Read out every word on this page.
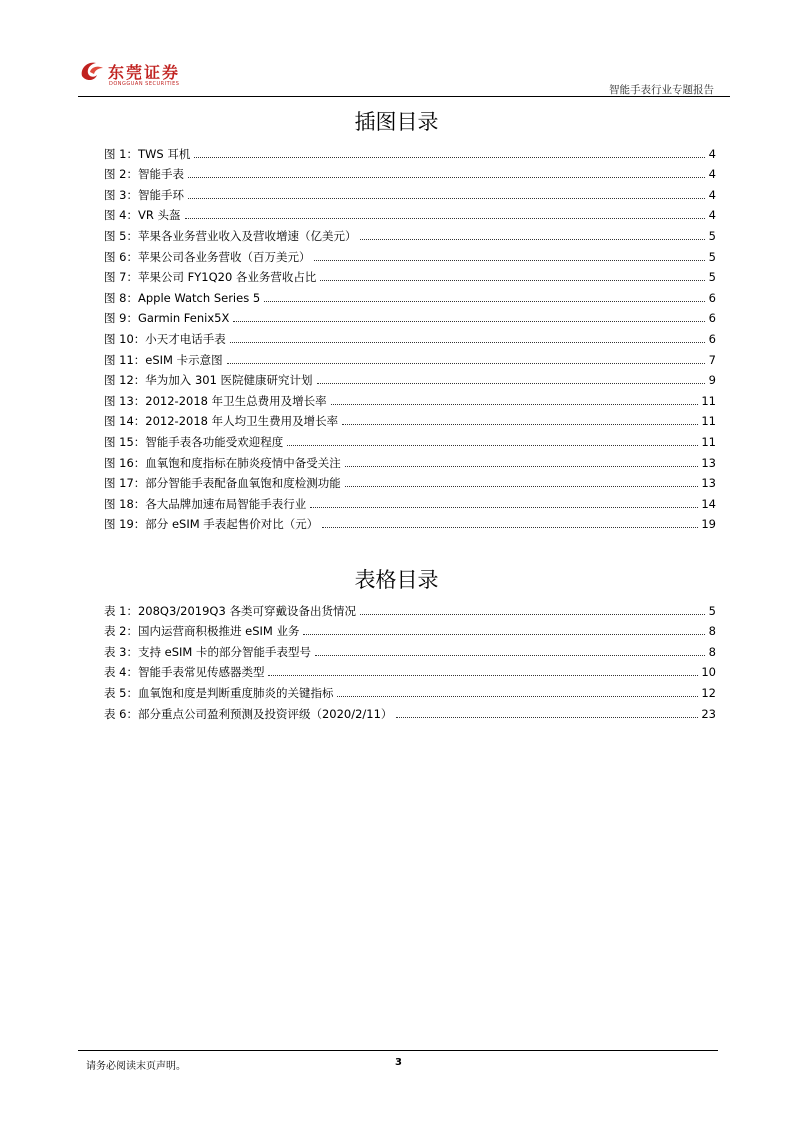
东莞证券
DONGGUAN SECURITIES	智能手表行业专题报告
插图目录
图 1：TWS 耳机	4
图 2：智能手表	4
图 3：智能手环	4
图 4：VR 头盔	4
图 5：苹果各业务营业收入及营收增速（亿美元）	5
图 6：苹果公司各业务营收（百万美元）	5
图 7：苹果公司 FY1Q20 各业务营收占比	5
图 8：Apple Watch Series 5	6
图 9：Garmin Fenix5X	6
图 10：小天才电话手表	6
图 11：eSIM 卡示意图	7
图 12：华为加入 301 医院健康研究计划	9
图 13：2012-2018 年卫生总费用及增长率	11
图 14：2012-2018 年人均卫生费用及增长率	11
图 15：智能手表各功能受欢迎程度	11
图 16：血氧饱和度指标在肺炎疫情中备受关注	13
图 17：部分智能手表配备血氧饱和度检测功能	13
图 18：各大品牌加速布局智能手表行业	14
图 19：部分 eSIM 手表起售价对比（元）	19
表格目录
表 1：208Q3/2019Q3 各类可穿戴设备出货情况	5
表 2：国内运营商积极推进 eSIM 业务	8
表 3：支持 eSIM 卡的部分智能手表型号	8
表 4：智能手表常见传感器类型	10
表 5：血氧饱和度是判断重度肺炎的关键指标	12
表 6：部分重点公司盈利预测及投资评级（2020/2/11）	23
请务必阅读末页声明。	3
